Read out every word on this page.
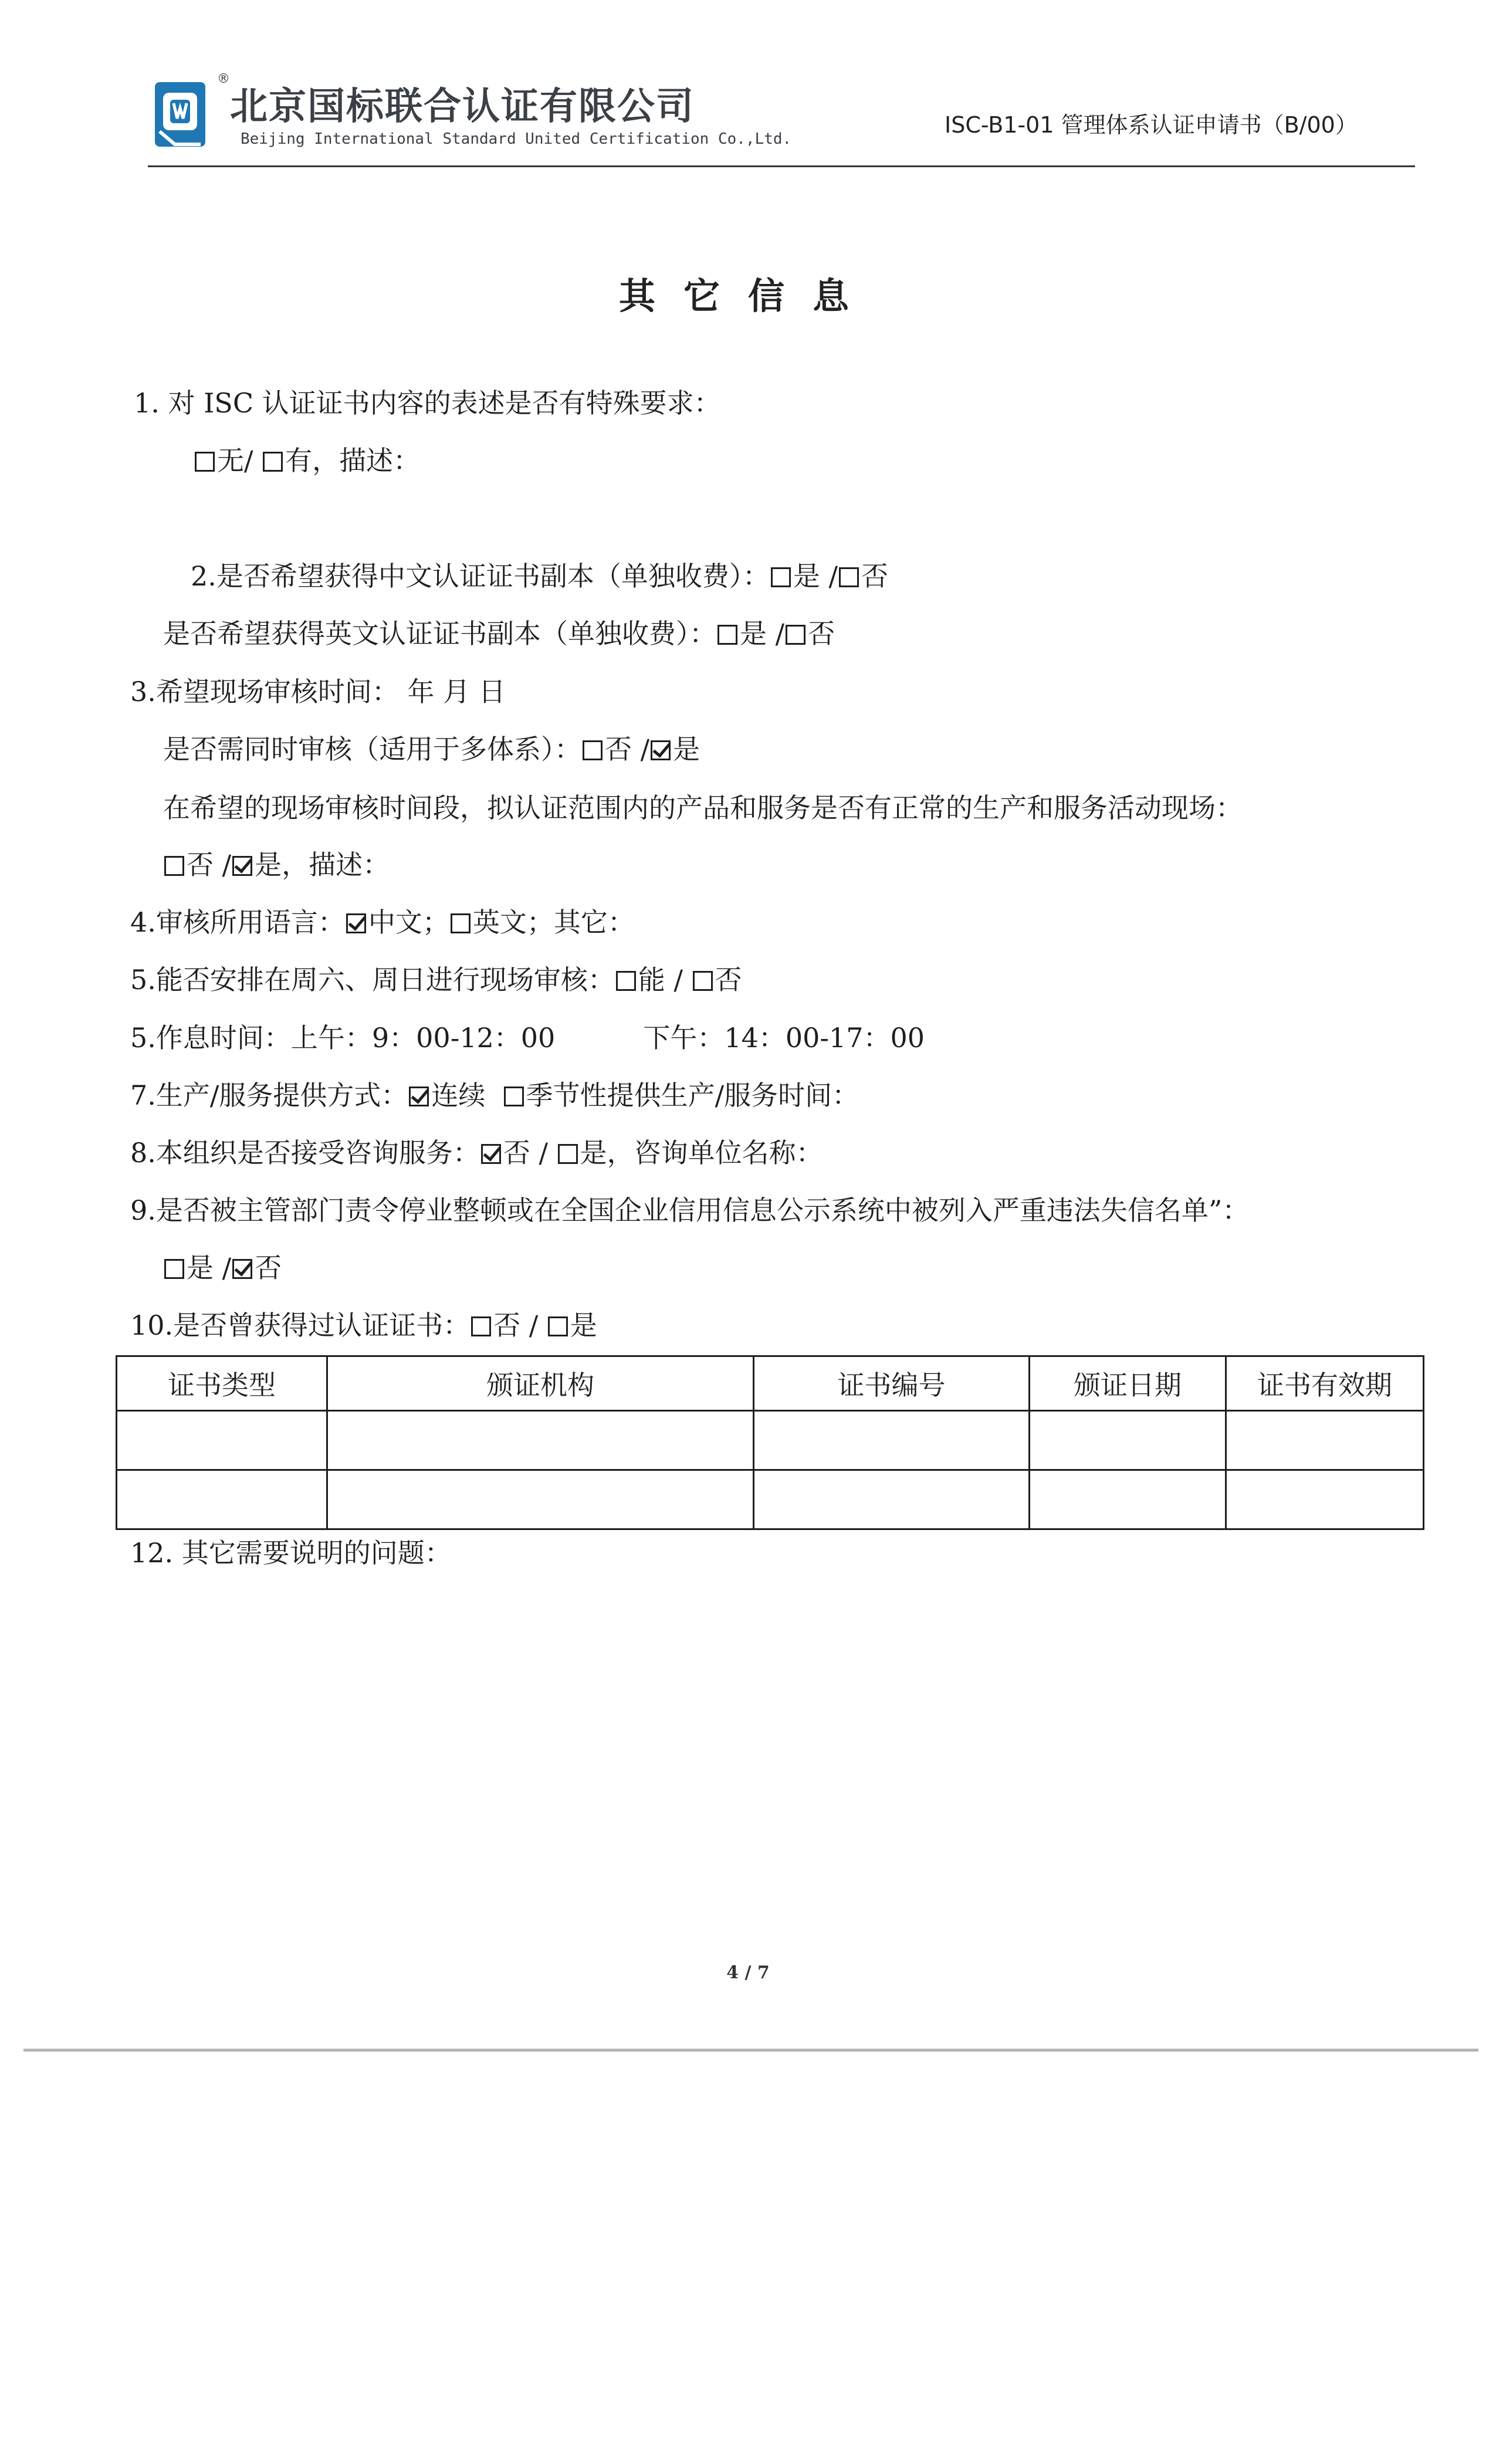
®
北京国标联合认证有限公司
Beijing International Standard United Certification Co.,Ltd.
ISC-B1-01 管理体系认证申请书（B/00）
其它信息
1. 对 ISC 认证证书内容的表述是否有特殊要求：
无/ 有，描述：
2.是否希望获得中文认证证书副本（单独收费）： 是 / 否
是否希望获得英文认证证书副本（单独收费）： 是 / 否
3.希望现场审核时间： 年 月 日
是否需同时审核（适用于多体系）： 否 / 是
在希望的现场审核时间段，拟认证范围内的产品和服务是否有正常的生产和服务活动现场：
否 / 是，描述：
4.审核所用语言： 中文； 英文；其它：
5.能否安排在周六、周日进行现场审核： 能 / 否
5.作息时间：上午：9：00-12：00	下午：14：00-17：00
7.生产/服务提供方式： 连续  季节性提供生产/服务时间：
8.本组织是否接受咨询服务： 否 / 是，咨询单位名称：
9.是否被主管部门责令停业整顿或在全国企业信用信息公示系统中被列入严重违法失信名单”：
是 / 否
10.是否曾获得过认证证书： 否 / 是
证书类型	颁证机构	证书编号	颁证日期	证书有效期

12. 其它需要说明的问题：
4 / 7
